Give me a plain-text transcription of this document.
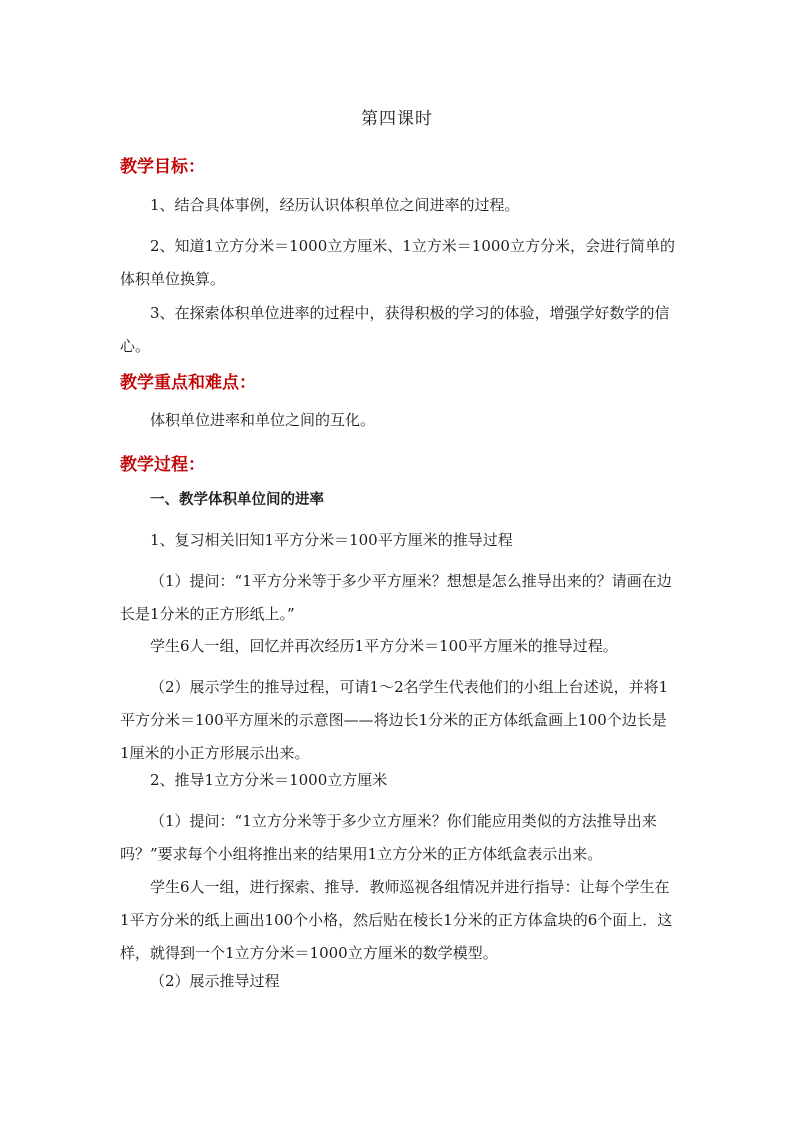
第四课时
教学目标：

1、结合具体事例，经历认识体积单位之间进率的过程。

2、知道1立方分米＝1000立方厘米、1立方米＝1000立方分米，会进行简单的体积单位换算。

3、在探索体积单位进率的过程中，获得积极的学习的体验，增强学好数学的信心。

教学重点和难点：

体积单位进率和单位之间的互化。

教学过程：

一、教学体积单位间的进率

1、复习相关旧知1平方分米＝100平方厘米的推导过程

（1）提问：“1平方分米等于多少平方厘米？想想是怎么推导出来的？请画在边长是1分米的正方形纸上。”

学生6人一组，回忆并再次经历1平方分米＝100平方厘米的推导过程。

（2）展示学生的推导过程，可请1～2名学生代表他们的小组上台述说，并将1平方分米＝100平方厘米的示意图——将边长1分米的正方体纸盒画上100个边长是1厘米的小正方形展示出来。

2、推导1立方分米＝1000立方厘米

（1）提问：“1立方分米等于多少立方厘米？你们能应用类似的方法推导出来吗？”要求每个小组将推出来的结果用1立方分米的正方体纸盒表示出来。

学生6人一组，进行探索、推导．教师巡视各组情况并进行指导：让每个学生在1平方分米的纸上画出100个小格，然后贴在棱长1分米的正方体盒块的6个面上．这样，就得到一个1立方分米＝1000立方厘米的数学模型。

（2）展示推导过程
